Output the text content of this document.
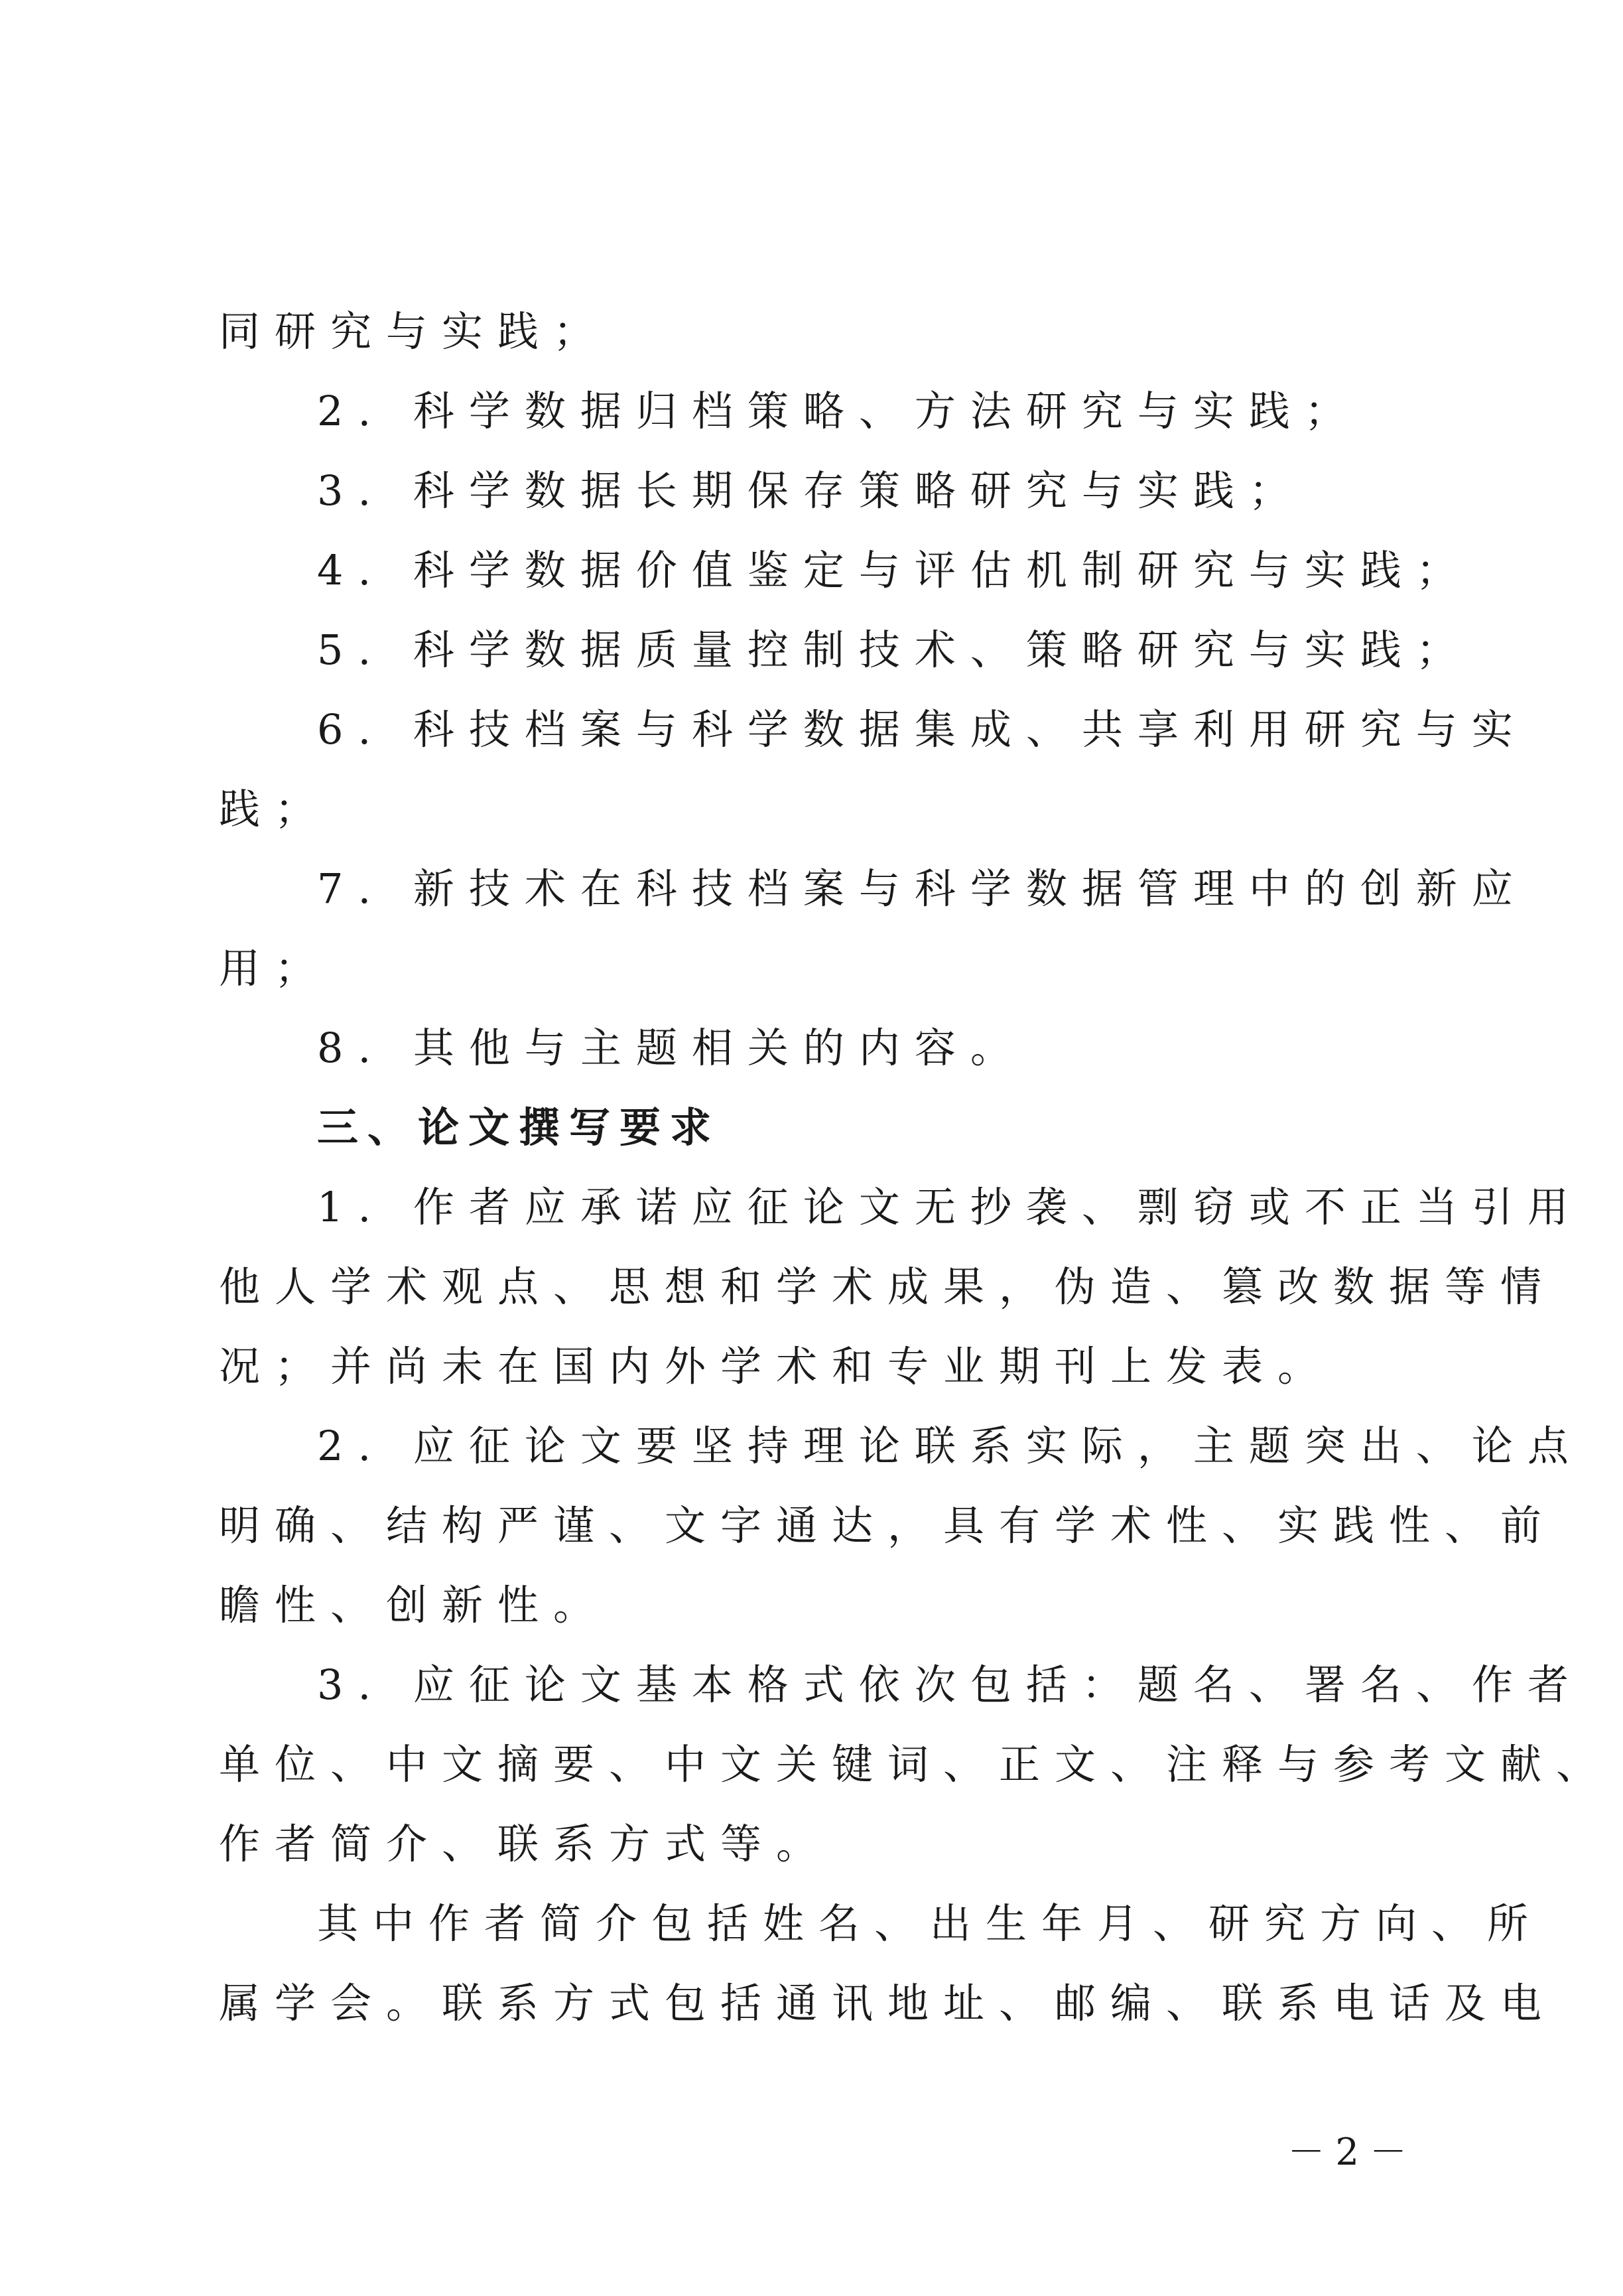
同研究与实践；
2. 科学数据归档策略、方法研究与实践；
3. 科学数据长期保存策略研究与实践；
4. 科学数据价值鉴定与评估机制研究与实践；
5. 科学数据质量控制技术、策略研究与实践；
6. 科技档案与科学数据集成、共享利用研究与实
践；
7. 新技术在科技档案与科学数据管理中的创新应
用；
8. 其他与主题相关的内容。
三、论文撰写要求
1. 作者应承诺应征论文无抄袭、剽窃或不正当引用
他人学术观点、思想和学术成果，伪造、篡改数据等情
况；并尚未在国内外学术和专业期刊上发表。
2. 应征论文要坚持理论联系实际，主题突出、论点
明确、结构严谨、文字通达，具有学术性、实践性、前
瞻性、创新性。
3. 应征论文基本格式依次包括：题名、署名、作者
单位、中文摘要、中文关键词、正文、注释与参考文献、
作者简介、联系方式等。
其中作者简介包括姓名、出生年月、研究方向、所
属学会。联系方式包括通讯地址、邮编、联系电话及电
－2－
